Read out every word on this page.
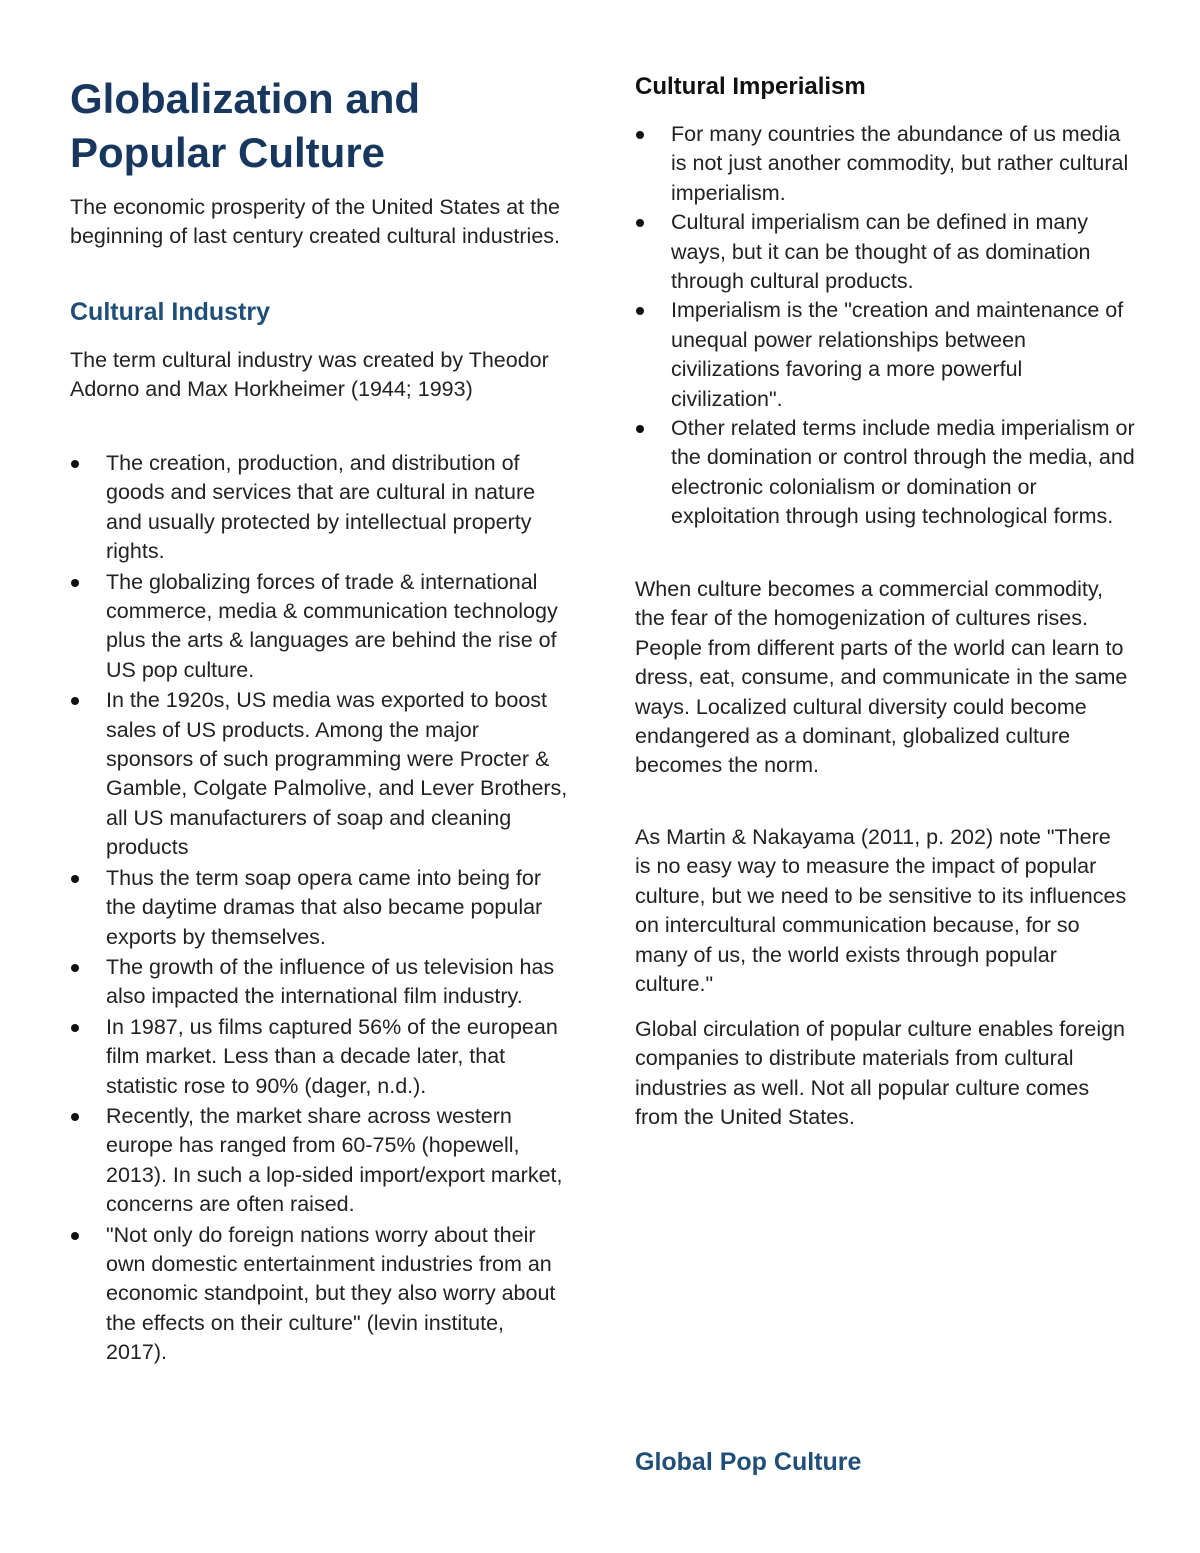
Globalization and
Popular Culture

The economic prosperity of the United States at the beginning of last century created cultural industries.

Cultural Industry

The term cultural industry was created by Theodor Adorno and Max Horkheimer (1944; 1993)

The creation, production, and distribution of goods and services that are cultural in nature and usually protected by intellectual property rights.
The globalizing forces of trade & international commerce, media & communication technology plus the arts & languages are behind the rise of US pop culture.
In the 1920s, US media was exported to boost sales of US products. Among the major sponsors of such programming were Procter & Gamble, Colgate Palmolive, and Lever Brothers, all US manufacturers of soap and cleaning products
Thus the term soap opera came into being for the daytime dramas that also became popular exports by themselves.
The growth of the influence of us television has also impacted the international film industry.
In 1987, us films captured 56% of the european film market. Less than a decade later, that statistic rose to 90% (dager, n.d.).
Recently, the market share across western europe has ranged from 60-75% (hopewell, 2013). In such a lop-sided import/export market, concerns are often raised.
"Not only do foreign nations worry about their own domestic entertainment industries from an economic standpoint, but they also worry about the effects on their culture" (levin institute, 2017).
Cultural Imperialism
For many countries the abundance of us media is not just another commodity, but rather cultural imperialism.
Cultural imperialism can be defined in many ways, but it can be thought of as domination through cultural products.
Imperialism is the "creation and maintenance of unequal power relationships between civilizations favoring a more powerful civilization".
Other related terms include media imperialism or the domination or control through the media, and electronic colonialism or domination or exploitation through using technological forms.

When culture becomes a commercial commodity, the fear of the homogenization of cultures rises. People from different parts of the world can learn to dress, eat, consume, and communicate in the same ways. Localized cultural diversity could become endangered as a dominant, globalized culture becomes the norm.

As Martin & Nakayama (2011, p. 202) note "There is no easy way to measure the impact of popular culture, but we need to be sensitive to its influences on intercultural communication because, for so many of us, the world exists through popular culture."

Global circulation of popular culture enables foreign companies to distribute materials from cultural industries as well. Not all popular culture comes from the United States.

Global Pop Culture
